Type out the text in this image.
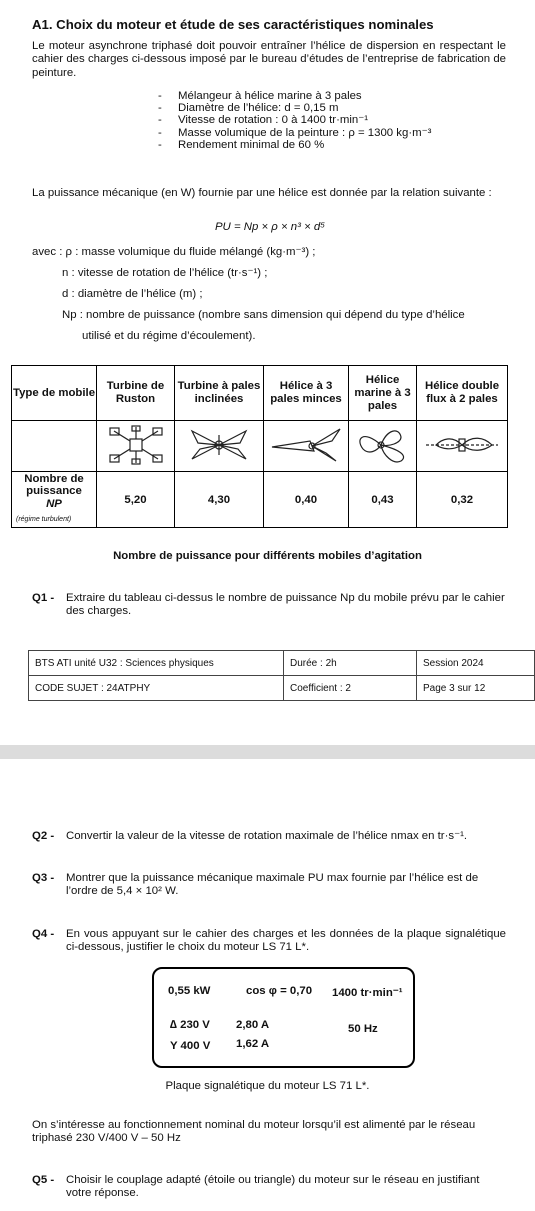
A1. Choix du moteur et étude de ses caractéristiques nominales
Le moteur asynchrone triphasé doit pouvoir entraîner l’hélice de dispersion en respectant le cahier des charges ci-dessous imposé par le bureau d’études de l’entreprise de fabrication de peinture.
- Mélangeur à hélice marine à 3 pales
- Diamètre de l’hélice: d = 0,15 m
- Vitesse de rotation : 0 à 1400 tr·min⁻¹
- Masse volumique de la peinture : ρ = 1300 kg·m⁻³
- Rendement minimal de 60 %
La puissance mécanique (en W) fournie par une hélice est donnée par la relation suivante :
PU = Np × ρ × n³ × d⁵
avec : ρ : masse volumique du fluide mélangé (kg·m⁻³) ;
n : vitesse de rotation de l’hélice (tr·s⁻¹) ;
d : diamètre de l’hélice (m) ;
Np : nombre de puissance (nombre sans dimension qui dépend du type d’hélice
utilisé et du régime d’écoulement).
Type de mobile	Turbine de Ruston	Turbine à pales inclinées	Hélice à 3 pales minces	Hélice marine à 3 pales	Hélice double flux à 2 pales

Nombre de puissance
NP
(régime turbulent)	5,20	4,30	0,40	0,43	0,32
Nombre de puissance pour différents mobiles d’agitation
Q1 - Extraire du tableau ci-dessus le nombre de puissance Np du mobile prévu par le cahier des charges.
BTS ATI unité U32 : Sciences physiques	Durée : 2h	Session 2024
CODE SUJET : 24ATPHY	Coefficient : 2	Page 3 sur 12
Q2 - Convertir la valeur de la vitesse de rotation maximale de l’hélice nmax en tr·s⁻¹.
Q3 - Montrer que la puissance mécanique maximale PU max fournie par l’hélice est de l’ordre de 5,4 × 10² W.
Q4 - En vous appuyant sur le cahier des charges et les données de la plaque signalétique ci-dessous, justifier le choix du moteur LS 71 L*.
0,55 kW	cos φ = 0,70 1400 tr·min⁻¹
∆ 230 V 2,80 A	50 Hz
Y 400 V 1,62 A
Plaque signalétique du moteur LS 71 L*.
On s’intéresse au fonctionnement nominal du moteur lorsqu’il est alimenté par le réseau triphasé 230 V/400 V – 50 Hz
Q5 - Choisir le couplage adapté (étoile ou triangle) du moteur sur le réseau en justifiant votre réponse.
